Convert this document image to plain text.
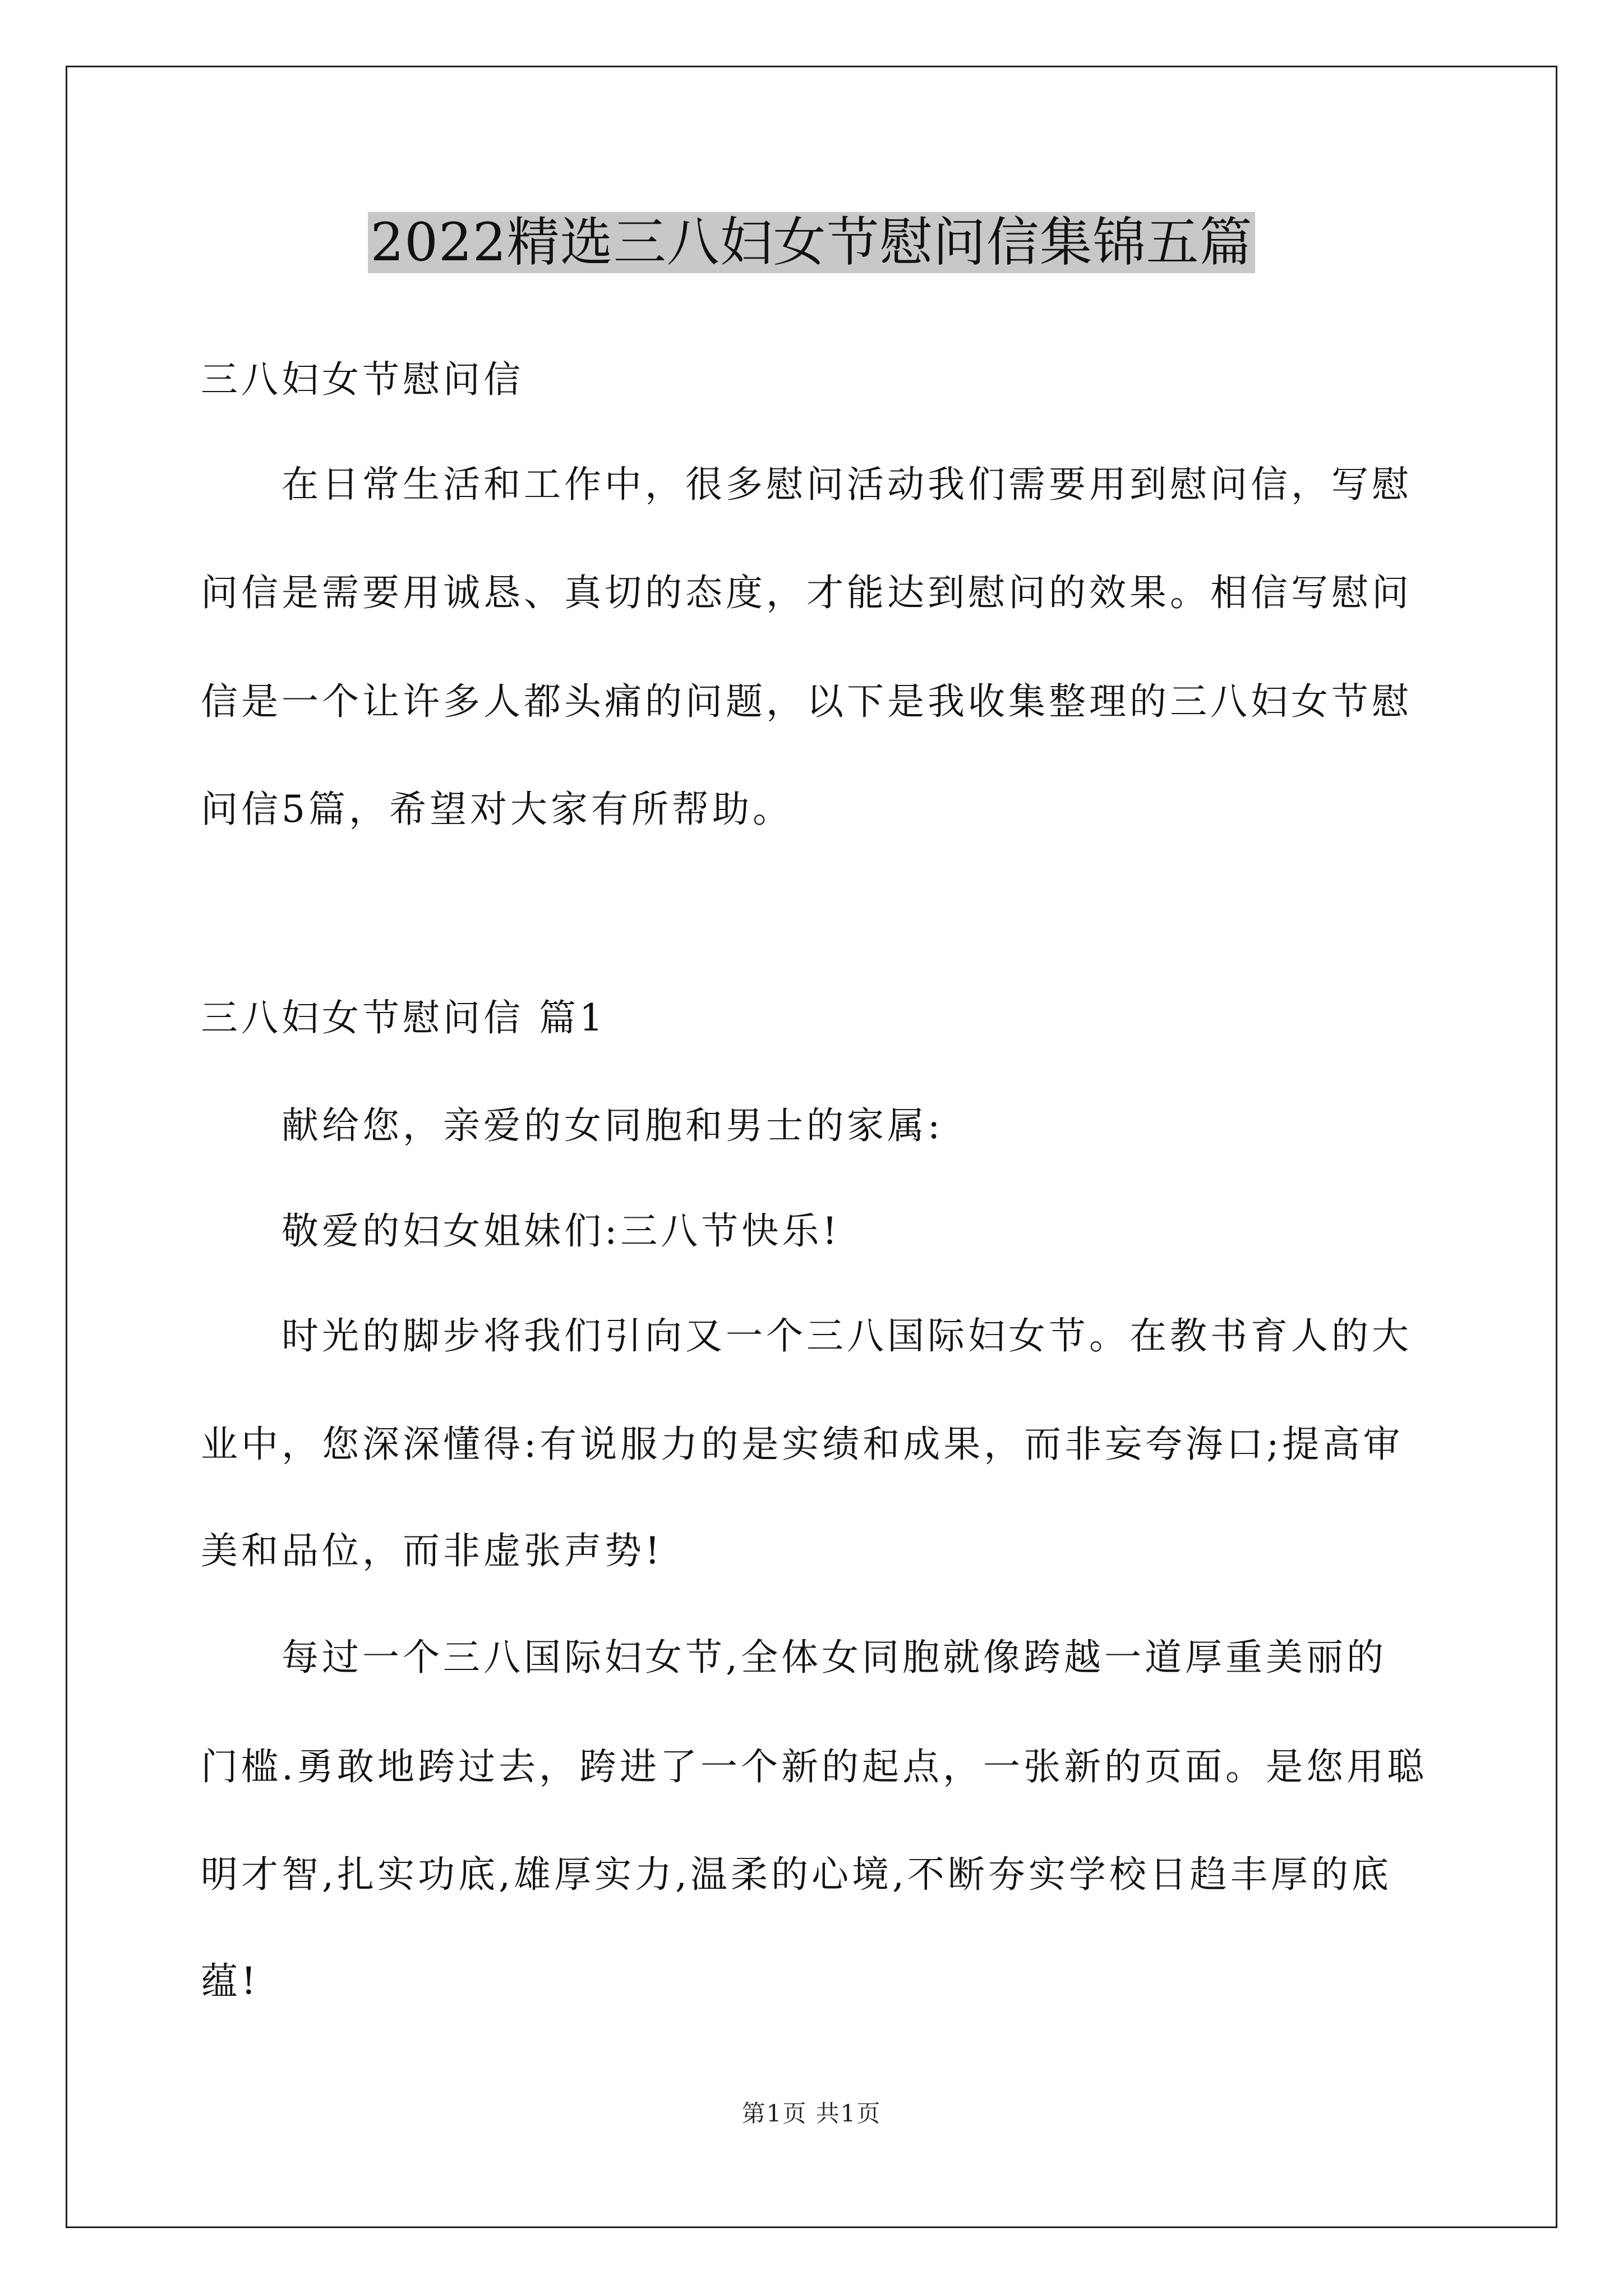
2022精选三八妇女节慰问信集锦五篇
三八妇女节慰问信
在日常生活和工作中，很多慰问活动我们需要用到慰问信，写慰
问信是需要用诚恳、真切的态度，才能达到慰问的效果。相信写慰问
信是一个让许多人都头痛的问题，以下是我收集整理的三八妇女节慰
问信5篇，希望对大家有所帮助。
三八妇女节慰问信 篇1
献给您，亲爱的女同胞和男士的家属:
敬爱的妇女姐妹们:三八节快乐!
时光的脚步将我们引向又一个三八国际妇女节。在教书育人的大
业中，您深深懂得:有说服力的是实绩和成果，而非妄夸海口;提高审
美和品位，而非虚张声势!
每过一个三八国际妇女节,全体女同胞就像跨越一道厚重美丽的
门槛.勇敢地跨过去，跨进了一个新的起点，一张新的页面。是您用聪
明才智,扎实功底,雄厚实力,温柔的心境,不断夯实学校日趋丰厚的底
蕴!
第1页 共1页
